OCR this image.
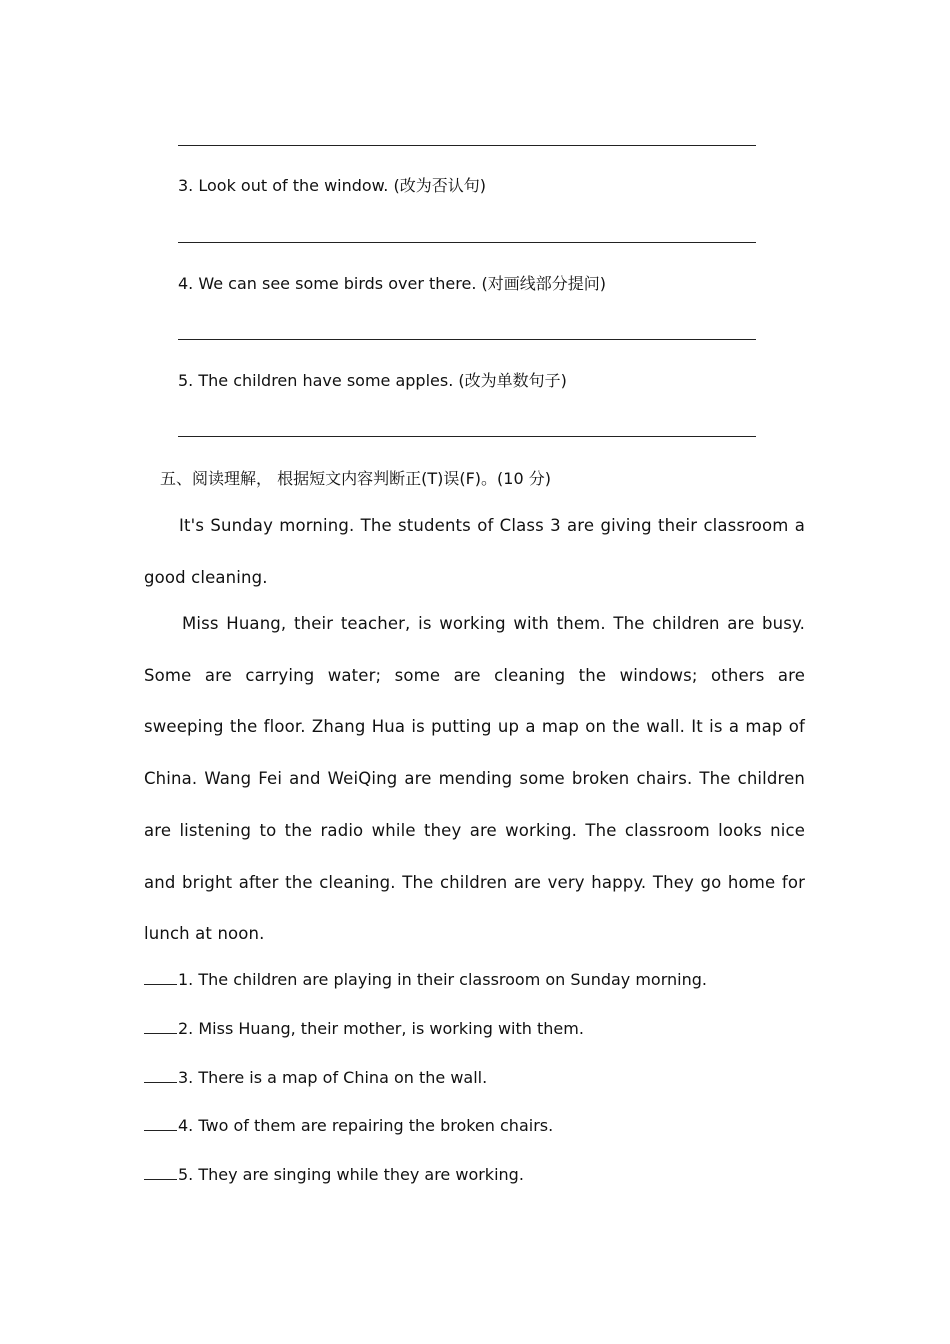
3. Look out of the window. (改为否认句)
4. We can see some birds over there. (对画线部分提问)
5. The children have some apples. (改为单数句子)
五、阅读理解， 根据短文内容判断正(T)误(F)。(10 分)
It's Sunday morning. The students of Class 3 are giving their classroom a good cleaning.
Miss Huang, their teacher, is working with them. The children are busy. Some are carrying water; some are cleaning the windows; others are sweeping the floor. Zhang Hua is putting up a map on the wall. It is a map of China. Wang Fei and WeiQing are mending some broken chairs. The children are listening to the radio while they are working. The classroom looks nice and bright after the cleaning. The children are very happy. They go home for lunch at noon.
1. The children are playing in their classroom on Sunday morning.
2. Miss Huang, their mother, is working with them.
3. There is a map of China on the wall.
4. Two of them are repairing the broken chairs.
5. They are singing while they are working.
